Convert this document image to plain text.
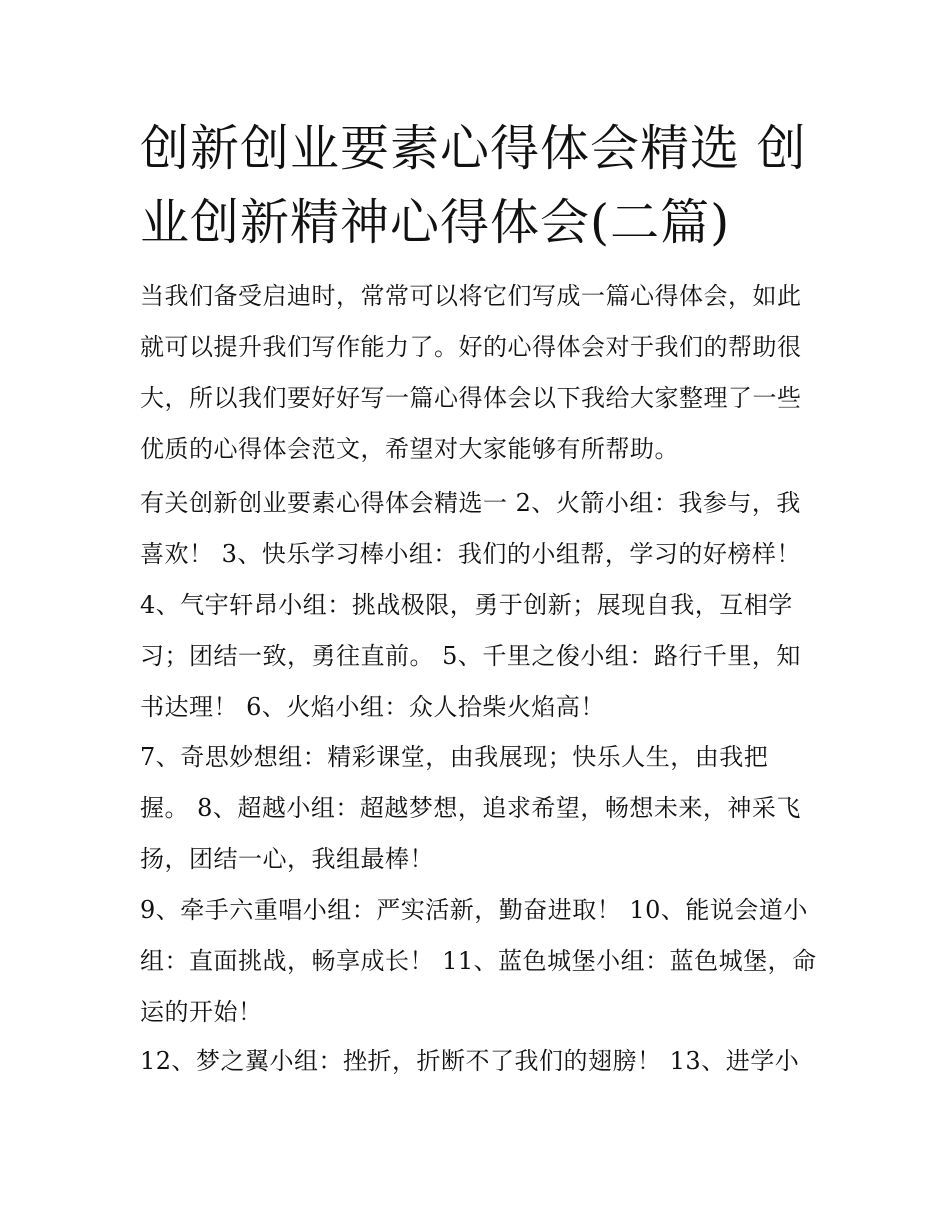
创新创业要素心得体会精选 创
业创新精神心得体会(二篇)

当我们备受启迪时，常常可以将它们写成一篇心得体会，如此
就可以提升我们写作能力了。好的心得体会对于我们的帮助很
大，所以我们要好好写一篇心得体会以下我给大家整理了一些
优质的心得体会范文，希望对大家能够有所帮助。

有关创新创业要素心得体会精选一 2、火箭小组：我参与，我
喜欢！ 3、快乐学习棒小组：我们的小组帮，学习的好榜样！

4、气宇轩昂小组：挑战极限，勇于创新；展现自我，互相学
习；团结一致，勇往直前。 5、千里之俊小组：路行千里，知
书达理！ 6、火焰小组：众人拾柴火焰高！

7、奇思妙想组：精彩课堂，由我展现；快乐人生，由我把
握。 8、超越小组：超越梦想，追求希望，畅想未来，神采飞
扬，团结一心，我组最棒！

9、牵手六重唱小组：严实活新，勤奋进取！ 10、能说会道小
组：直面挑战，畅享成长！ 11、蓝色城堡小组：蓝色城堡，命
运的开始！

12、梦之翼小组：挫折，折断不了我们的翅膀！ 13、进学小
